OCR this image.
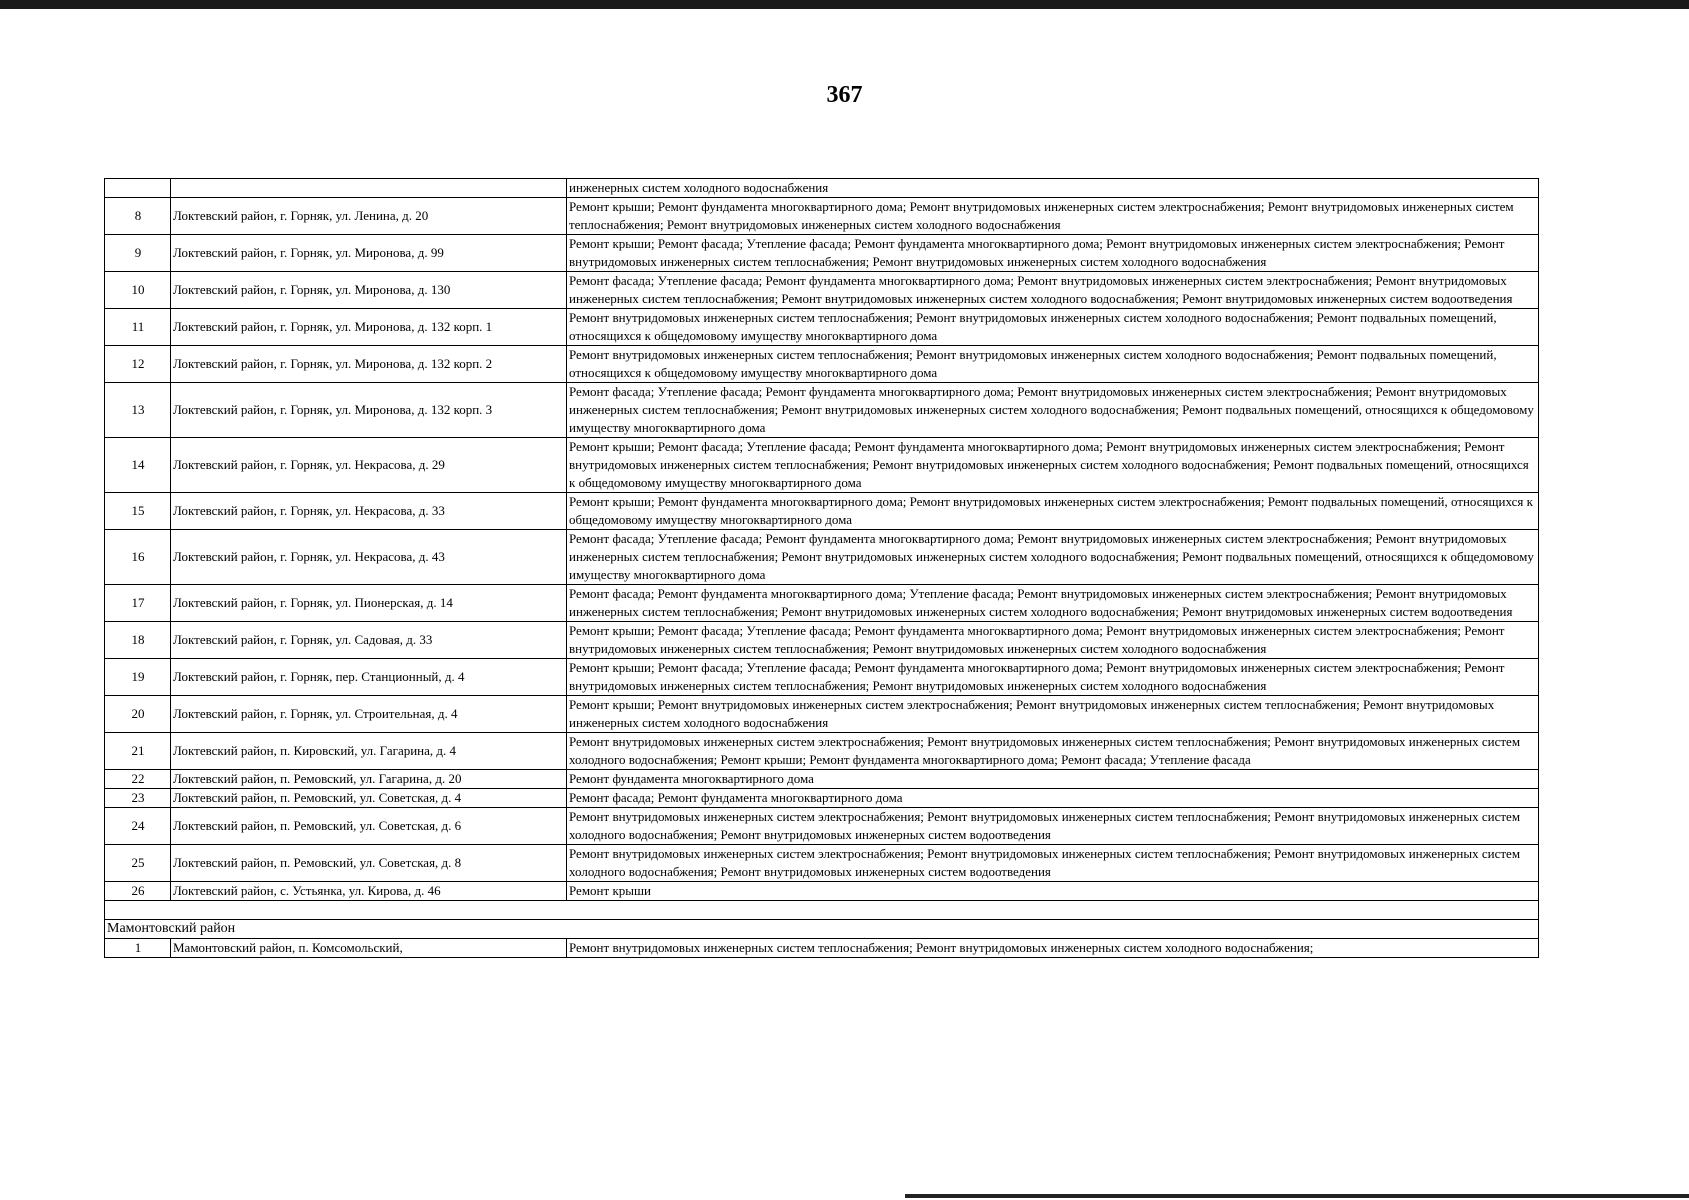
367
		инженерных систем холодного водоснабжения
8	Локтевский район, г. Горняк, ул. Ленина, д. 20	Ремонт крыши; Ремонт фундамента многоквартирного дома; Ремонт внутридомовых инженерных систем электроснабжения; Ремонт внутридомовых инженерных систем теплоснабжения; Ремонт внутридомовых инженерных систем холодного водоснабжения
9	Локтевский район, г. Горняк, ул. Миронова, д. 99	Ремонт крыши; Ремонт фасада; Утепление фасада; Ремонт фундамента многоквартирного дома; Ремонт внутридомовых инженерных систем электроснабжения; Ремонт внутридомовых инженерных систем теплоснабжения; Ремонт внутридомовых инженерных систем холодного водоснабжения
10	Локтевский район, г. Горняк, ул. Миронова, д. 130	Ремонт фасада; Утепление фасада; Ремонт фундамента многоквартирного дома; Ремонт внутридомовых инженерных систем электроснабжения; Ремонт внутридомовых инженерных систем теплоснабжения; Ремонт внутридомовых инженерных систем холодного водоснабжения; Ремонт внутридомовых инженерных систем водоотведения
11	Локтевский район, г. Горняк, ул. Миронова, д. 132 корп. 1	Ремонт внутридомовых инженерных систем теплоснабжения; Ремонт внутридомовых инженерных систем холодного водоснабжения; Ремонт подвальных помещений, относящихся к общедомовому имуществу многоквартирного дома
12	Локтевский район, г. Горняк, ул. Миронова, д. 132 корп. 2	Ремонт внутридомовых инженерных систем теплоснабжения; Ремонт внутридомовых инженерных систем холодного водоснабжения; Ремонт подвальных помещений, относящихся к общедомовому имуществу многоквартирного дома
13	Локтевский район, г. Горняк, ул. Миронова, д. 132 корп. 3	Ремонт фасада; Утепление фасада; Ремонт фундамента многоквартирного дома; Ремонт внутридомовых инженерных систем электроснабжения; Ремонт внутридомовых инженерных систем теплоснабжения; Ремонт внутридомовых инженерных систем холодного водоснабжения; Ремонт подвальных помещений, относящихся к общедомовому имуществу многоквартирного дома
14	Локтевский район, г. Горняк, ул. Некрасова, д. 29	Ремонт крыши; Ремонт фасада; Утепление фасада; Ремонт фундамента многоквартирного дома; Ремонт внутридомовых инженерных систем электроснабжения; Ремонт внутридомовых инженерных систем теплоснабжения; Ремонт внутридомовых инженерных систем холодного водоснабжения; Ремонт подвальных помещений, относящихся к общедомовому имуществу многоквартирного дома
15	Локтевский район, г. Горняк, ул. Некрасова, д. 33	Ремонт крыши; Ремонт фундамента многоквартирного дома; Ремонт внутридомовых инженерных систем электроснабжения; Ремонт подвальных помещений, относящихся к общедомовому имуществу многоквартирного дома
16	Локтевский район, г. Горняк, ул. Некрасова, д. 43	Ремонт фасада; Утепление фасада; Ремонт фундамента многоквартирного дома; Ремонт внутридомовых инженерных систем электроснабжения; Ремонт внутридомовых инженерных систем теплоснабжения; Ремонт внутридомовых инженерных систем холодного водоснабжения; Ремонт подвальных помещений, относящихся к общедомовому имуществу многоквартирного дома
17	Локтевский район, г. Горняк, ул. Пионерская, д. 14	Ремонт фасада; Ремонт фундамента многоквартирного дома; Утепление фасада; Ремонт внутридомовых инженерных систем электроснабжения; Ремонт внутридомовых инженерных систем теплоснабжения; Ремонт внутридомовых инженерных систем холодного водоснабжения; Ремонт внутридомовых инженерных систем водоотведения
18	Локтевский район, г. Горняк, ул. Садовая, д. 33	Ремонт крыши; Ремонт фасада; Утепление фасада; Ремонт фундамента многоквартирного дома; Ремонт внутридомовых инженерных систем электроснабжения; Ремонт внутридомовых инженерных систем теплоснабжения; Ремонт внутридомовых инженерных систем холодного водоснабжения
19	Локтевский район, г. Горняк, пер. Станционный, д. 4	Ремонт крыши; Ремонт фасада; Утепление фасада; Ремонт фундамента многоквартирного дома; Ремонт внутридомовых инженерных систем электроснабжения; Ремонт внутридомовых инженерных систем теплоснабжения; Ремонт внутридомовых инженерных систем холодного водоснабжения
20	Локтевский район, г. Горняк, ул. Строительная, д. 4	Ремонт крыши; Ремонт внутридомовых инженерных систем электроснабжения; Ремонт внутридомовых инженерных систем теплоснабжения; Ремонт внутридомовых инженерных систем холодного водоснабжения
21	Локтевский район, п. Кировский, ул. Гагарина, д. 4	Ремонт внутридомовых инженерных систем электроснабжения; Ремонт внутридомовых инженерных систем теплоснабжения; Ремонт внутридомовых инженерных систем холодного водоснабжения; Ремонт крыши; Ремонт фундамента многоквартирного дома; Ремонт фасада; Утепление фасада
22	Локтевский район, п. Ремовский, ул. Гагарина, д. 20	Ремонт фундамента многоквартирного дома
23	Локтевский район, п. Ремовский, ул. Советская, д. 4	Ремонт фасада; Ремонт фундамента многоквартирного дома
24	Локтевский район, п. Ремовский, ул. Советская, д. 6	Ремонт внутридомовых инженерных систем электроснабжения; Ремонт внутридомовых инженерных систем теплоснабжения; Ремонт внутридомовых инженерных систем холодного водоснабжения; Ремонт внутридомовых инженерных систем водоотведения
25	Локтевский район, п. Ремовский, ул. Советская, д. 8	Ремонт внутридомовых инженерных систем электроснабжения; Ремонт внутридомовых инженерных систем теплоснабжения; Ремонт внутридомовых инженерных систем холодного водоснабжения; Ремонт внутридомовых инженерных систем водоотведения
26	Локтевский район, с. Устьянка, ул. Кирова, д. 46	Ремонт крыши

Мамонтовский район		
1	Мамонтовский район, п. Комсомольский,	Ремонт внутридомовых инженерных систем теплоснабжения; Ремонт внутридомовых инженерных систем холодного водоснабжения;
